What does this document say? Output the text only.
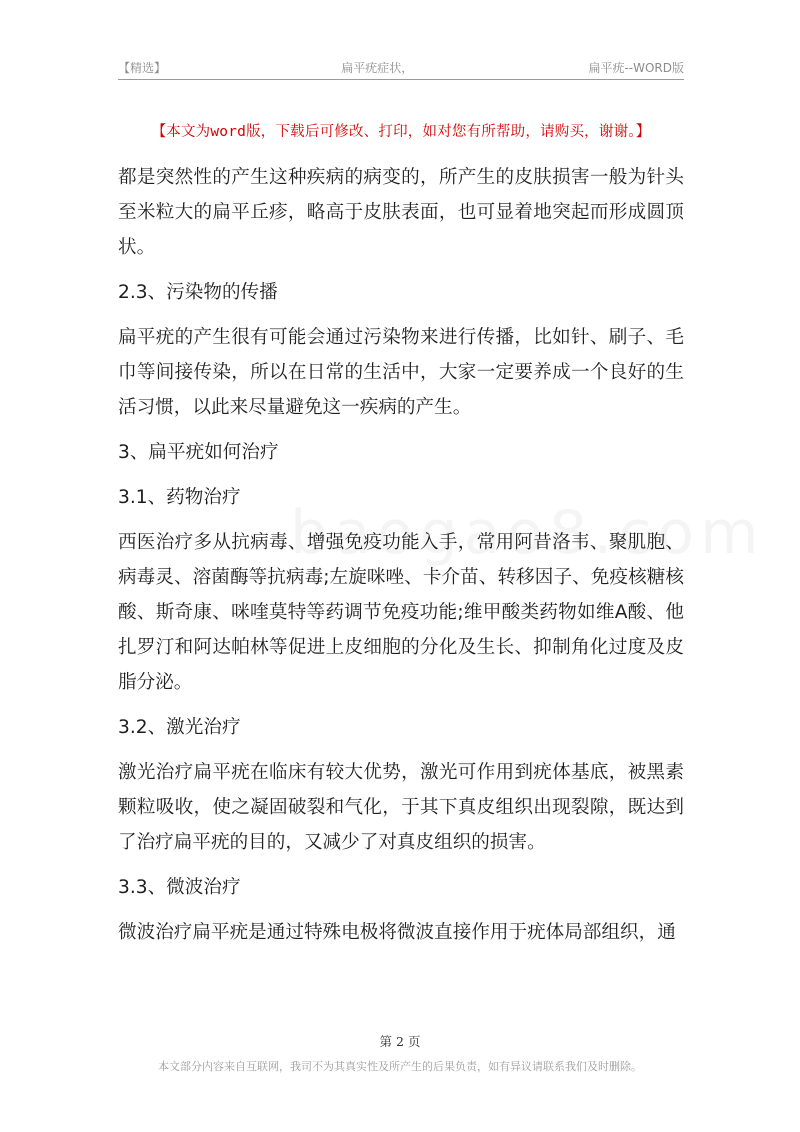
【精选】	扁平疣症状，	扁平疣--WORD版
【本文为word版，下载后可修改、打印，如对您有所帮助，请购买，谢谢。】

都是突然性的产生这种疾病的病变的，所产生的皮肤损害一般为针头至米粒大的扁平丘疹，略高于皮肤表面，也可显着地突起而形成圆顶状。

2.3、污染物的传播

扁平疣的产生很有可能会通过污染物来进行传播，比如针、刷子、毛巾等间接传染，所以在日常的生活中，大家一定要养成一个良好的生活习惯，以此来尽量避免这一疾病的产生。

3、扁平疣如何治疗

3.1、药物治疗

西医治疗多从抗病毒、增强免疫功能入手，常用阿昔洛韦、聚肌胞、病毒灵、溶菌酶等抗病毒;左旋咪唑、卡介苗、转移因子、免疫核糖核酸、斯奇康、咪喹莫特等药调节免疫功能;维甲酸类药物如维A酸、他扎罗汀和阿达帕林等促进上皮细胞的分化及生长、抑制角化过度及皮脂分泌。

3.2、激光治疗

激光治疗扁平疣在临床有较大优势，激光可作用到疣体基底，被黑素颗粒吸收，使之凝固破裂和气化，于其下真皮组织出现裂隙，既达到了治疗扁平疣的目的，又减少了对真皮组织的损害。

3.3、微波治疗

微波治疗扁平疣是通过特殊电极将微波直接作用于疣体局部组织，通

第 2 页
本文部分内容来自互联网，我司不为其真实性及所产生的后果负责，如有异议请联系我们及时删除。
